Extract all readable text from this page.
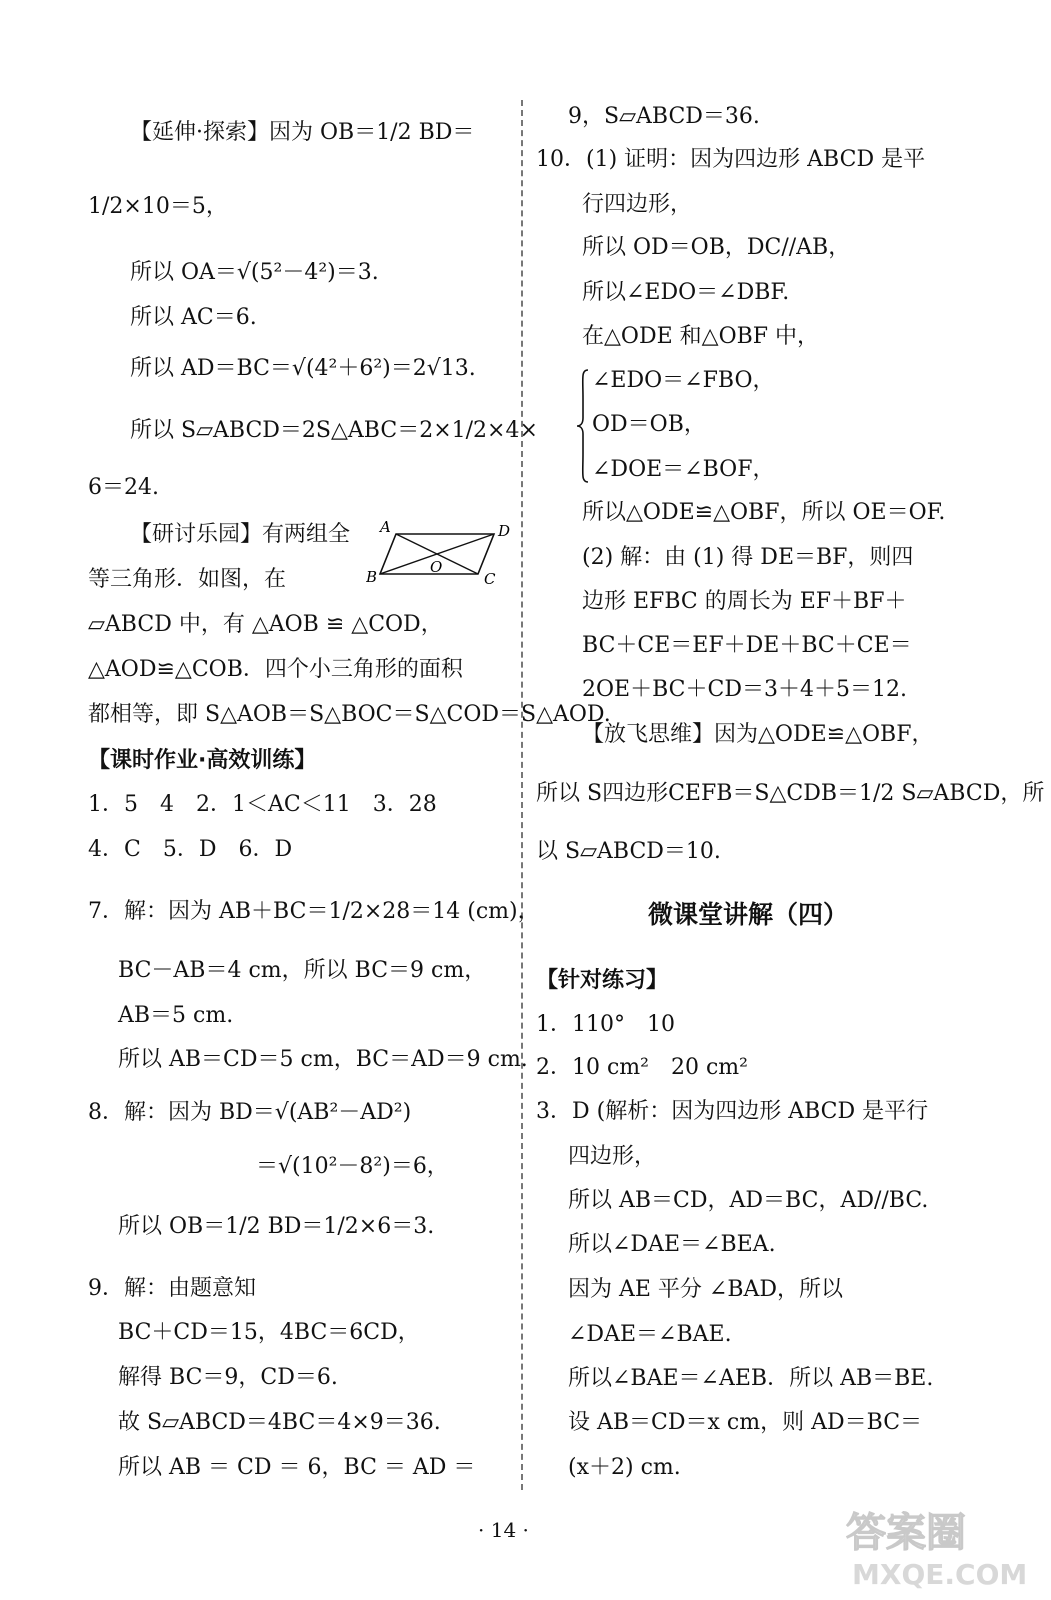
【延伸·探索】因为 OB＝1/2 BD＝
1/2×10＝5，
所以 OA＝√(5²－4²)＝3.
所以 AC＝6.
所以 AD＝BC＝√(4²＋6²)＝2√13.
所以 S▱ABCD＝2S△ABC＝2×1/2×4×
6＝24.
【研讨乐园】有两组全
等三角形．如图，在
▱ABCD 中，有 △AOB ≌ △COD，
△AOD≌△COB．四个小三角形的面积
都相等，即 S△AOB＝S△BOC＝S△COD＝S△AOD.
【课时作业·高效训练】
1．5　4　2．1＜AC＜11　3．28
4．C　5．D　6．D
7．解：因为 AB＋BC＝1/2×28＝14 (cm)，
BC－AB＝4 cm，所以 BC＝9 cm，
AB＝5 cm.
所以 AB＝CD＝5 cm，BC＝AD＝9 cm.
8．解：因为 BD＝√(AB²－AD²)
＝√(10²－8²)＝6，
所以 OB＝1/2 BD＝1/2×6＝3.
9．解：由题意知
BC＋CD＝15，4BC＝6CD，
解得 BC＝9，CD＝6.
故 S▱ABCD＝4BC＝4×9＝36.
所以 AB ＝ CD ＝ 6，BC ＝ AD ＝
A	D
B	C
O
9，S▱ABCD＝36.
10．(1) 证明：因为四边形 ABCD 是平
行四边形，
所以 OD＝OB，DC//AB，
所以∠EDO＝∠DBF.
在△ODE 和△OBF 中，
∠EDO＝∠FBO，
OD＝OB，
∠DOE＝∠BOF，
所以△ODE≌△OBF，所以 OE＝OF.
(2) 解：由 (1) 得 DE＝BF，则四
边形 EFBC 的周长为 EF＋BF＋
BC＋CE＝EF＋DE＋BC＋CE＝
2OE＋BC＋CD＝3＋4＋5＝12.
【放飞思维】因为△ODE≌△OBF，
所以 S四边形CEFB＝S△CDB＝1/2 S▱ABCD，所
以 S▱ABCD＝10.
微课堂讲解（四）
【针对练习】
1．110°　10
2．10 cm²　20 cm²
3．D (解析：因为四边形 ABCD 是平行
四边形，
所以 AB＝CD，AD＝BC，AD//BC.
所以∠DAE＝∠BEA.
因为 AE 平分 ∠BAD，所以
∠DAE＝∠BAE.
所以∠BAE＝∠AEB．所以 AB＝BE.
设 AB＝CD＝x cm，则 AD＝BC＝
(x＋2) cm.
· 14 ·	答案圈
MXQE.COM
